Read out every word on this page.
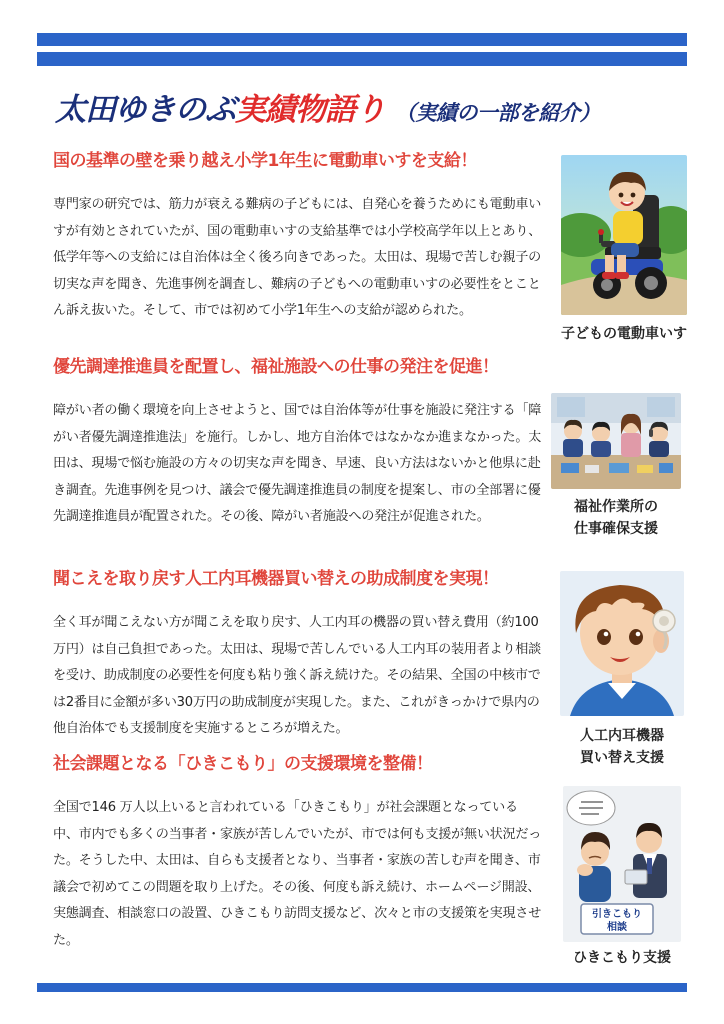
太田ゆきのぶ 実績物語り （実績の一部を紹介）
国の基準の壁を乗り越え小学1年生に電動車いすを支給！
専門家の研究では、筋力が衰える難病の子どもには、自発心を養うためにも電動車いすが有効とされていたが、国の電動車いすの支給基準では小学校高学年以上とあり、低学年等への支給には自治体は全く後ろ向きであった。太田は、現場で苦しむ親子の切実な声を聞き、先進事例を調査し、難病の子どもへの電動車いすの必要性をとことん訴え抜いた。そして、市では初めて小学1年生への支給が認められた。
優先調達推進員を配置し、福祉施設への仕事の発注を促進！
障がい者の働く環境を向上させようと、国では自治体等が仕事を施設に発注する「障がい者優先調達推進法」を施行。しかし、地方自治体ではなかなか進まなかった。太田は、現場で悩む施設の方々の切実な声を聞き、早速、良い方法はないかと他県に赴き調査。先進事例を見つけ、議会で優先調達推進員の制度を提案し、市の全部署に優先調達推進員が配置された。その後、障がい者施設への発注が促進された。
聞こえを取り戻す人工内耳機器買い替えの助成制度を実現！
全く耳が聞こえない方が聞こえを取り戻す、人工内耳の機器の買い替え費用（約100万円）は自己負担であった。太田は、現場で苦しんでいる人工内耳の装用者より相談を受け、助成制度の必要性を何度も粘り強く訴え続けた。その結果、全国の中核市では2番目に金額が多い30万円の助成制度が実現した。また、これがきっかけで県内の他自治体でも支援制度を実施するところが増えた。
社会課題となる「ひきこもり」の支援環境を整備！
全国で146 万人以上いると言われている「ひきこもり」が社会課題となっている中、市内でも多くの当事者・家族が苦しんでいたが、市では何も支援が無い状況だった。そうした中、太田は、自らも支援者となり、当事者・家族の苦しむ声を聞き、市議会で初めてこの問題を取り上げた。その後、何度も訴え続け、ホームページ開設、実態調査、相談窓口の設置、ひきこもり訪問支援など、次々と市の支援策を実現させた。
子どもの電動車いす
福祉作業所の
仕事確保支援
人工内耳機器
買い替え支援
引きこもり
相談
ひきこもり支援
